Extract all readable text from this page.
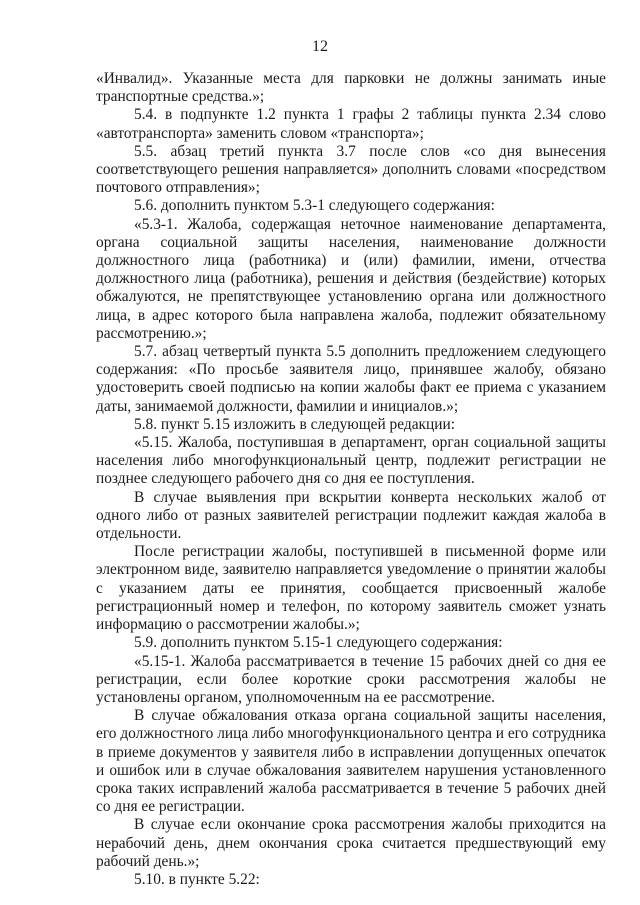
12

«Инвалид». Указанные места для парковки не должны занимать иные транспортные средства.»;

5.4. в подпункте 1.2 пункта 1 графы 2 таблицы пункта 2.34 слово «автотранспорта» заменить словом «транспорта»;

5.5. абзац третий пункта 3.7 после слов «со дня вынесения соответствующего решения направляется» дополнить словами «посредством почтового отправления»;

5.6. дополнить пунктом 5.3-1 следующего содержания:

«5.3-1. Жалоба, содержащая неточное наименование департамента, органа социальной защиты населения, наименование должности должностного лица (работника) и (или) фамилии, имени, отчества должностного лица (работника), решения и действия (бездействие) которых обжалуются, не препятствующее установлению органа или должностного лица, в адрес которого была направлена жалоба, подлежит обязательному рассмотрению.»;

5.7. абзац четвертый пункта 5.5 дополнить предложением следующего содержания: «По просьбе заявителя лицо, принявшее жалобу, обязано удостоверить своей подписью на копии жалобы факт ее приема с указанием даты, занимаемой должности, фамилии и инициалов.»;

5.8. пункт 5.15 изложить в следующей редакции:

«5.15. Жалоба, поступившая в департамент, орган социальной защиты населения либо многофункциональный центр, подлежит регистрации не позднее следующего рабочего дня со дня ее поступления.

В случае выявления при вскрытии конверта нескольких жалоб от одного либо от разных заявителей регистрации подлежит каждая жалоба в отдельности.

После регистрации жалобы, поступившей в письменной форме или электронном виде, заявителю направляется уведомление о принятии жалобы с указанием даты ее принятия, сообщается присвоенный жалобе регистрационный номер и телефон, по которому заявитель сможет узнать информацию о рассмотрении жалобы.»;

5.9. дополнить пунктом 5.15-1 следующего содержания:

«5.15-1. Жалоба рассматривается в течение 15 рабочих дней со дня ее регистрации, если более короткие сроки рассмотрения жалобы не установлены органом, уполномоченным на ее рассмотрение.

В случае обжалования отказа органа социальной защиты населения, его должностного лица либо многофункционального центра и его сотрудника в приеме документов у заявителя либо в исправлении допущенных опечаток и ошибок или в случае обжалования заявителем нарушения установленного срока таких исправлений жалоба рассматривается в течение 5 рабочих дней со дня ее регистрации.

В случае если окончание срока рассмотрения жалобы приходится на нерабочий день, днем окончания срока считается предшествующий ему рабочий день.»;

5.10. в пункте 5.22:
